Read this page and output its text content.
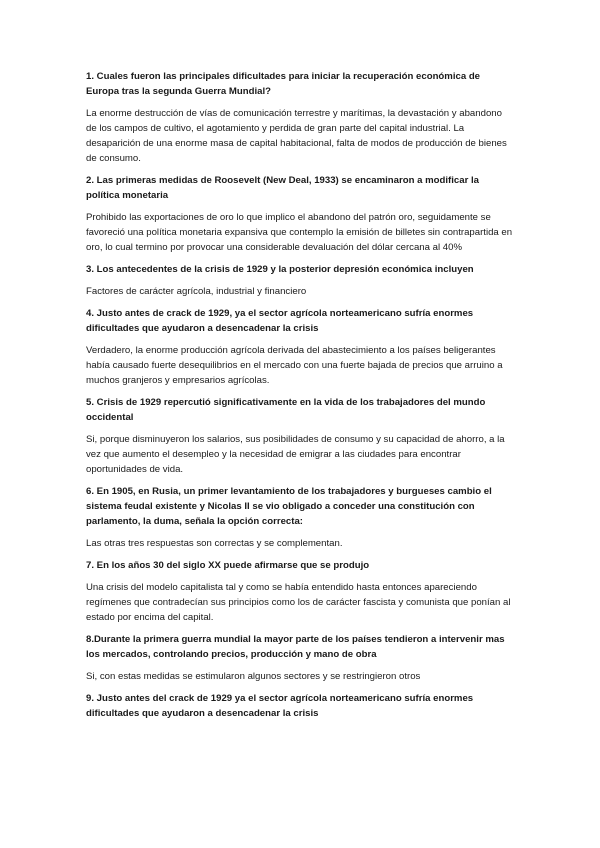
1. Cuales fueron las principales dificultades para iniciar la recuperación económica de Europa tras la segunda Guerra Mundial?

La enorme destrucción de vías de comunicación terrestre y marítimas, la devastación y abandono de los campos de cultivo, el agotamiento y perdida de gran parte del capital industrial. La desaparición de una enorme masa de capital habitacional, falta de modos de producción de bienes de consumo.

2. Las primeras medidas de Roosevelt (New Deal, 1933) se encaminaron a modificar la política monetaria

Prohibido las exportaciones de oro lo que implico el abandono del patrón oro, seguidamente se favoreció una política monetaria expansiva que contemplo la emisión de billetes sin contrapartida en oro, lo cual termino por provocar una considerable devaluación del dólar cercana al 40%

3. Los antecedentes de la crisis de 1929 y la posterior depresión económica incluyen

Factores de carácter agrícola, industrial y financiero

4. Justo antes de crack de 1929, ya el sector agrícola norteamericano sufría enormes dificultades que ayudaron a desencadenar la crisis

Verdadero, la enorme producción agrícola derivada del abastecimiento a los países beligerantes había causado fuerte desequilibrios en el mercado con una fuerte bajada de precios que arruino a muchos granjeros y empresarios agrícolas.

5. Crisis de 1929 repercutió significativamente en la vida de los trabajadores del mundo occidental

Si, porque disminuyeron los salarios, sus posibilidades de consumo y su capacidad de ahorro, a la vez que aumento el desempleo y la necesidad de emigrar a las ciudades para encontrar oportunidades de vida.

6. En 1905, en Rusia, un primer levantamiento de los trabajadores y burgueses cambio el sistema feudal existente y Nicolas II se vio obligado a conceder una constitución con parlamento, la duma, señala la opción correcta:

Las otras tres respuestas son correctas y se complementan.

7. En los años 30 del siglo XX puede afirmarse que se produjo

Una crisis del modelo capitalista tal y como se había entendido hasta entonces apareciendo regímenes que contradecían sus principios como los de carácter fascista y comunista que ponían al estado por encima del capital.

8.Durante la primera guerra mundial la mayor parte de los países tendieron a intervenir mas los mercados, controlando precios, producción y mano de obra

Si, con estas medidas se estimularon algunos sectores y se restringieron otros

9. Justo antes del crack de 1929 ya el sector agrícola norteamericano sufría enormes dificultades que ayudaron a desencadenar la crisis
